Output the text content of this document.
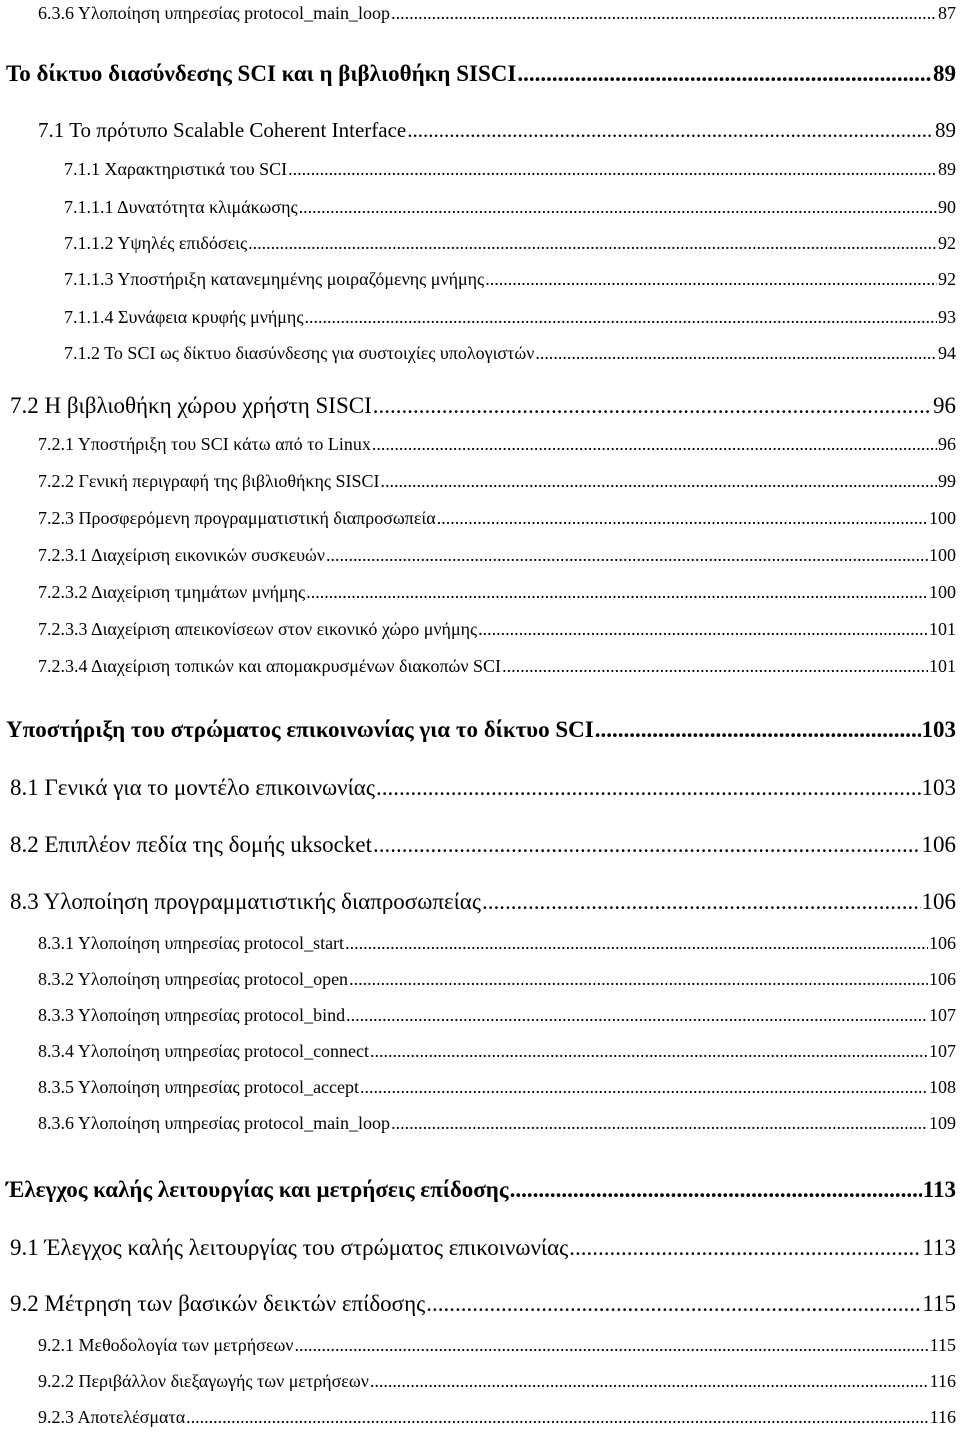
6.3.6 Υλοποίηση υπηρεσίας protocol_main_loop .....	87
Το δίκτυο διασύνδεσης SCI και η βιβλιοθήκη SISCI .....	89
7.1 Το πρότυπο Scalable Coherent Interface .....	89
7.1.1 Χαρακτηριστικά του SCI .....	89
7.1.1.1 Δυνατότητα κλιμάκωσης .....	90
7.1.1.2 Υψηλές επιδόσεις .....	92
7.1.1.3 Υποστήριξη κατανεμημένης μοιραζόμενης μνήμης .....	92
7.1.1.4 Συνάφεια κρυφής μνήμης .....	93
7.1.2 Το SCI ως δίκτυο διασύνδεσης για συστοιχίες υπολογιστών .....	94
7.2 Η βιβλιοθήκη χώρου χρήστη SISCI .....	96
7.2.1 Υποστήριξη του SCI κάτω από το Linux .....	96
7.2.2 Γενική περιγραφή της βιβλιοθήκης SISCI .....	99
7.2.3 Προσφερόμενη προγραμματιστική διαπροσωπεία .....	100
7.2.3.1 Διαχείριση εικονικών συσκευών .....	100
7.2.3.2 Διαχείριση τμημάτων μνήμης .....	100
7.2.3.3 Διαχείριση απεικονίσεων στον εικονικό χώρο μνήμης .....	101
7.2.3.4 Διαχείριση τοπικών και απομακρυσμένων διακοπών SCI .....	101
Υποστήριξη του στρώματος επικοινωνίας για το δίκτυο SCI .....	103
8.1 Γενικά για το μοντέλο επικοινωνίας .....	103
8.2 Επιπλέον πεδία της δομής uksocket .....	106
8.3 Υλοποίηση προγραμματιστικής διαπροσωπείας .....	106
8.3.1 Υλοποίηση υπηρεσίας protocol_start .....	106
8.3.2 Υλοποίηση υπηρεσίας protocol_open .....	106
8.3.3 Υλοποίηση υπηρεσίας protocol_bind .....	107
8.3.4 Υλοποίηση υπηρεσίας protocol_connect .....	107
8.3.5 Υλοποίηση υπηρεσίας protocol_accept .....	108
8.3.6 Υλοποίηση υπηρεσίας protocol_main_loop .....	109
Έλεγχος καλής λειτουργίας και μετρήσεις επίδοσης .....	113
9.1 Έλεγχος καλής λειτουργίας του στρώματος επικοινωνίας .....	113
9.2 Μέτρηση των βασικών δεικτών επίδοσης .....	115
9.2.1 Μεθοδολογία των μετρήσεων .....	115
9.2.2 Περιβάλλον διεξαγωγής των μετρήσεων .....	116
9.2.3 Αποτελέσματα .....	116
